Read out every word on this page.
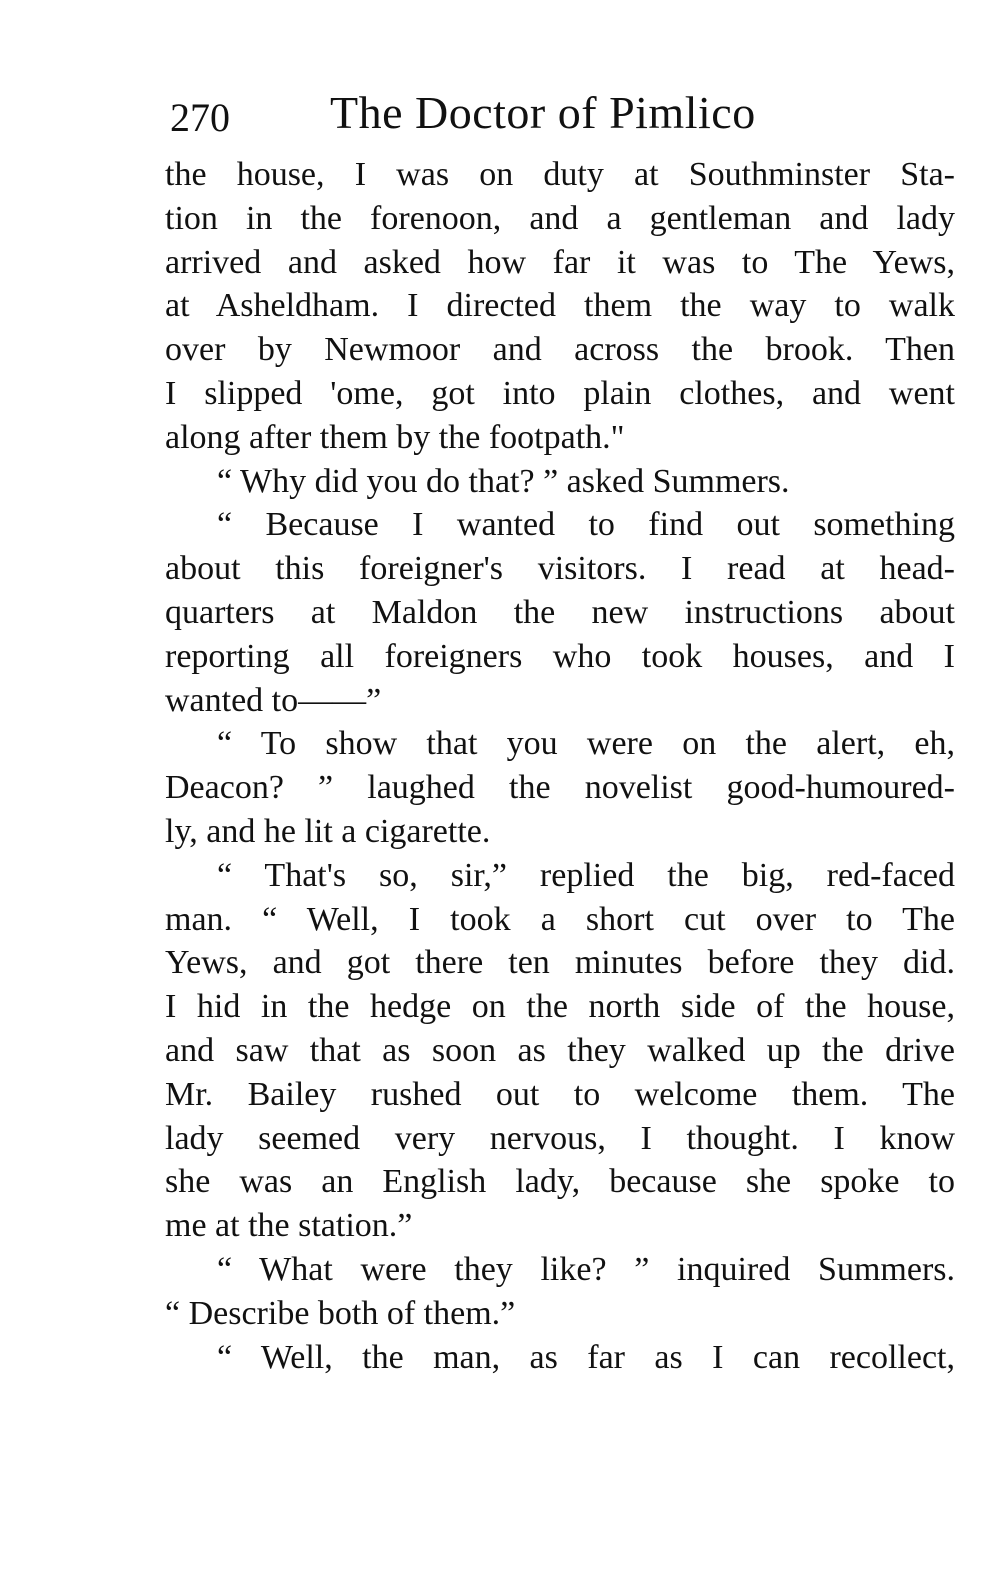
270 The Doctor of Pimlico
the house, I was on duty at Southminster Sta-
tion in the forenoon, and a gentleman and lady
arrived and asked how far it was to The Yews,
at Asheldham. I directed them the way to walk
over by Newmoor and across the brook. Then
I slipped 'ome, got into plain clothes, and went
along after them by the footpath."
“ Why did you do that? ” asked Summers.
“ Because I wanted to find out something
about this foreigner's visitors. I read at head-
quarters at Maldon the new instructions about
reporting all foreigners who took houses, and I
wanted to——”
“ To show that you were on the alert, eh,
Deacon? ” laughed the novelist good-humoured-
ly, and he lit a cigarette.
“ That's so, sir,” replied the big, red-faced
man. “ Well, I took a short cut over to The
Yews, and got there ten minutes before they did.
I hid in the hedge on the north side of the house,
and saw that as soon as they walked up the drive
Mr. Bailey rushed out to welcome them. The
lady seemed very nervous, I thought. I know
she was an English lady, because she spoke to
me at the station.”
“ What were they like? ” inquired Summers.
“ Describe both of them.”
“ Well, the man, as far as I can recollect,
